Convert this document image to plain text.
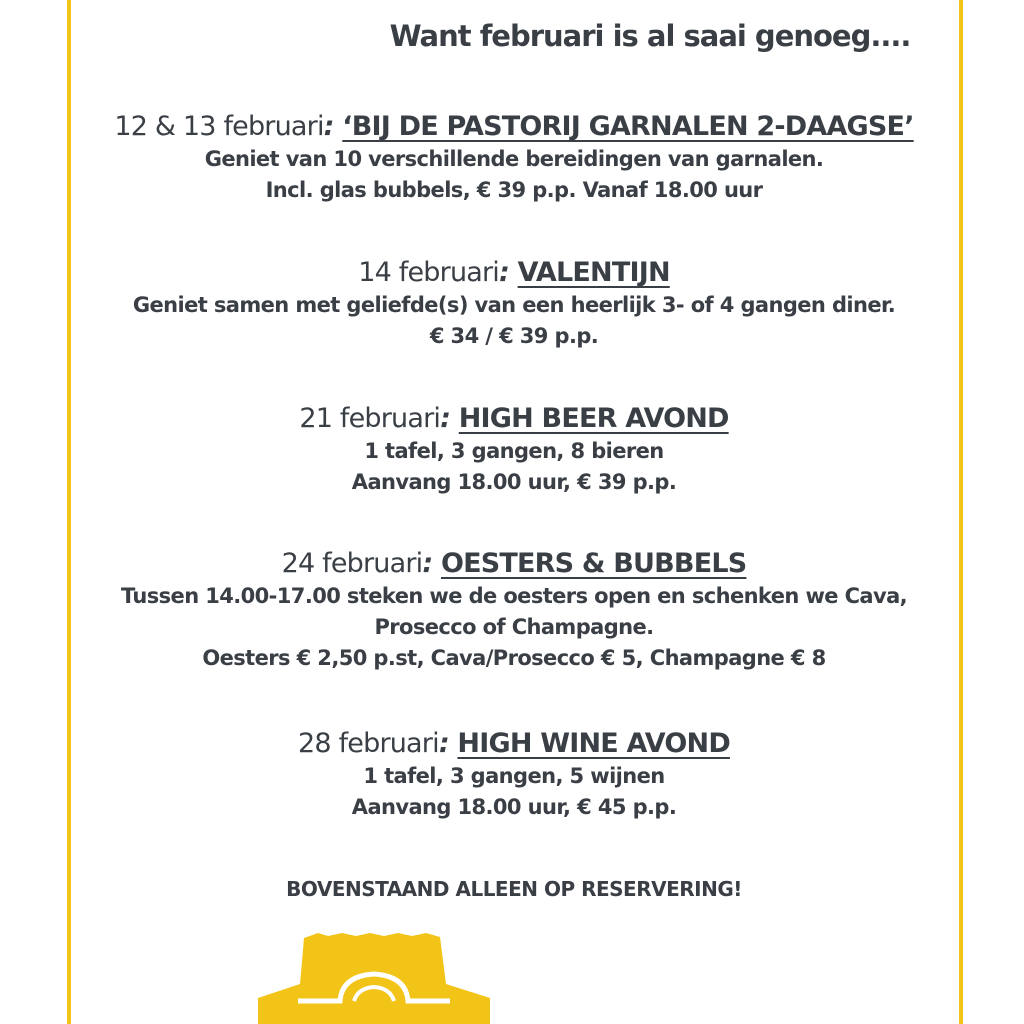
Want februari is al saai genoeg....
12 & 13 februari: ‘BIJ DE PASTORIJ GARNALEN 2-DAAGSE’
Geniet van 10 verschillende bereidingen van garnalen.
Incl. glas bubbels, € 39 p.p. Vanaf 18.00 uur
14 februari: VALENTIJN
Geniet samen met geliefde(s) van een heerlijk 3- of 4 gangen diner.
€ 34 / € 39 p.p.
21 februari: HIGH BEER AVOND
1 tafel, 3 gangen, 8 bieren
Aanvang 18.00 uur, € 39 p.p.
24 februari: OESTERS & BUBBELS
Tussen 14.00-17.00 steken we de oesters open en schenken we Cava,
Prosecco of Champagne.
Oesters € 2,50 p.st, Cava/Prosecco € 5, Champagne € 8
28 februari: HIGH WINE AVOND
1 tafel, 3 gangen, 5 wijnen
Aanvang 18.00 uur, € 45 p.p.
BOVENSTAAND ALLEEN OP RESERVERING!
